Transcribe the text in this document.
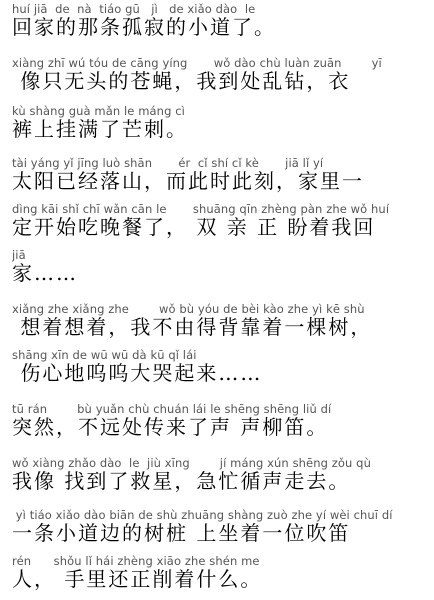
huí jiā  de  nà  tiáo gū   jì   de xiǎo dào  le
回家的那条孤寂的小道了。
xiàng zhī wú tóu de cāng yíng       wǒ dào chù luàn zuān        yī
像只无头的苍蝇，我到处乱钻，衣
kù shàng guà mǎn le máng cì
裤上挂满了芒刺。
tài yáng yǐ jīng luò shān       ér  cǐ shí cǐ kè       jiā lǐ yí
太阳已经落山，而此时此刻，家里一
dìng kāi shǐ chī wǎn cān le       shuāng qīn zhèng pàn zhe wǒ huí
定开始吃晚餐了， 双 亲 正 盼着我回
jiā
家……
xiǎng zhe xiǎng zhe        wǒ bù yóu de bèi kào zhe yì kē shù
想着想着，我不由得背靠着一棵树，
shāng xīn de wū wū dà kū qǐ lái
伤心地呜呜大哭起来……
tū rán        bù yuǎn chù chuán lái le shēng shēng liǔ dí
突然，不远处传来了声 声柳笛。
wǒ xiàng zhǎo dào  le  jiù xīng        jí máng xún shēng zǒu qù
我像 找到了救星，急忙循声走去。
yì tiáo xiǎo dào biān de shù zhuāng shàng zuò zhe yí wèi chuī dí
一条小道边的树桩 上坐着一位吹笛
rén      shǒu lǐ hái zhèng xiāo zhe shén me
人， 手里还正削着什么。
